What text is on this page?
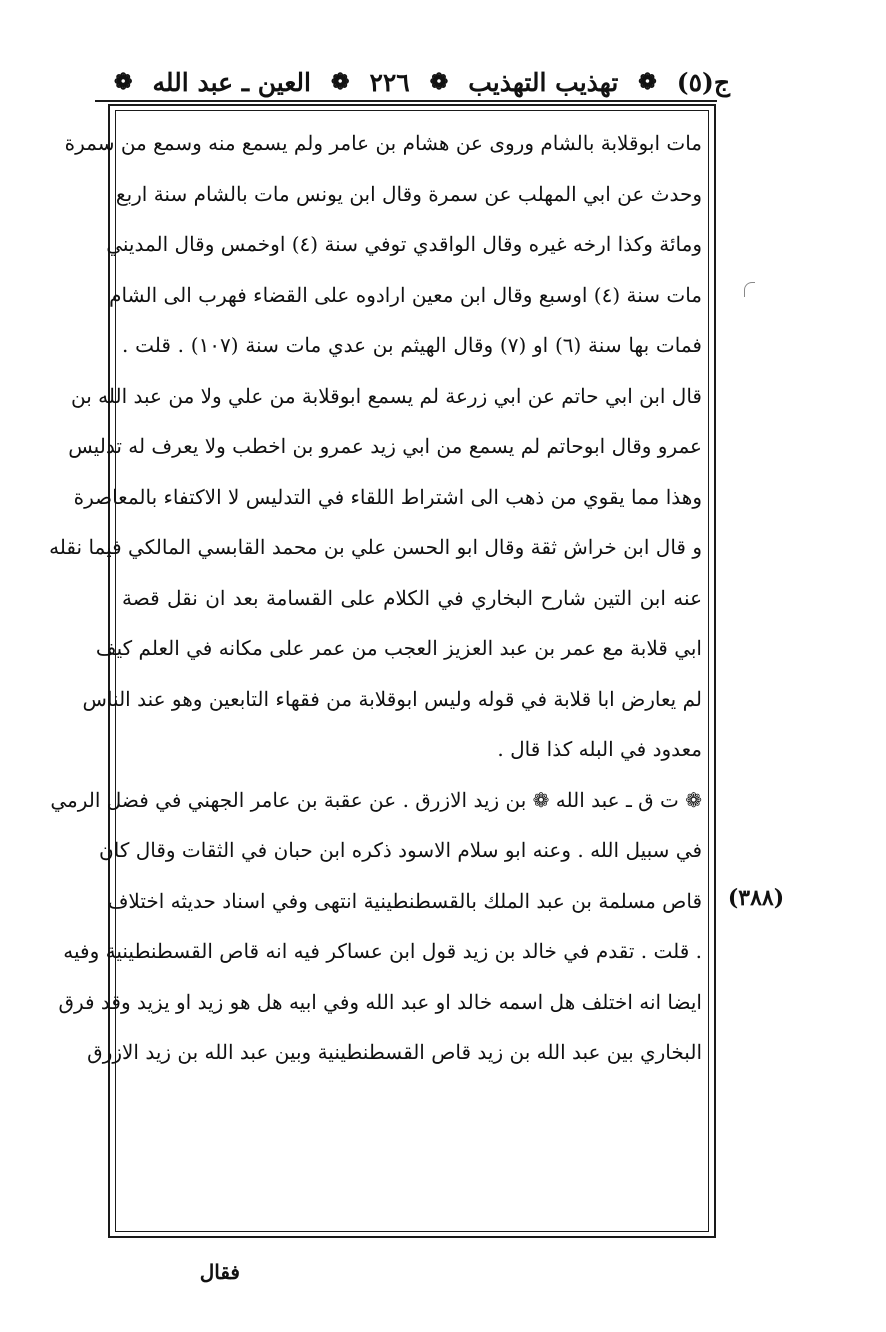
ج(٥)
❁
تهذيب التهذيب
❁
٢٢٦
❁
العين ـ عبد الله
❁
مات ابوقلابة بالشام وروى عن هشام بن عامر ولم يسمع منه وسمع من سمرة
وحدث عن ابي المهلب عن سمرة وقال ابن يونس مات بالشام سنة اربع
ومائة وكذا ارخه غيره وقال الواقدي توفي سنة (٤) اوخمس وقال المديني
مات سنة (٤) اوسبع وقال ابن معين ارادوه على القضاء فهرب الى الشام
فمات بها سنة (٦) او (٧) وقال الهيثم بن عدي مات سنة (١٠٧) . قلت .
قال ابن ابي حاتم عن ابي زرعة لم يسمع ابوقلابة من علي ولا من عبد الله بن
عمرو وقال ابوحاتم لم يسمع من ابي زيد عمرو بن اخطب ولا يعرف له تدليس
وهذا مما يقوي من ذهب الى اشتراط اللقاء في التدليس لا الاكتفاء بالمعاصرة
و قال ابن خراش ثقة وقال ابو الحسن علي بن محمد القابسي المالكي فيما نقله
عنه ابن التين شارح البخاري في الكلام على القسامة بعد ان نقل قصة
ابي قلابة مع عمر بن عبد العزيز العجب من عمر على مكانه في العلم كيف
لم يعارض ابا قلابة في قوله وليس ابوقلابة من فقهاء التابعين وهو عند الناس
معدود في البله كذا قال .
❁ ت ق ـ عبد الله ❁ بن زيد الازرق . عن عقبة بن عامر الجهني في فضل الرمي
في سبيل الله . وعنه ابو سلام الاسود ذكره ابن حبان في الثقات وقال كان
قاص مسلمة بن عبد الملك بالقسطنطينية انتهى وفي اسناد حديثه اختلاف
. قلت . تقدم في خالد بن زيد قول ابن عساكر فيه انه قاص القسطنطينية وفيه
ايضا انه اختلف هل اسمه خالد او عبد الله وفي ابيه هل هو زيد او يزيد وقد فرق
البخاري بين عبد الله بن زيد قاص القسطنطينية وبين عبد الله بن زيد الازرق
(٣٨٨)
فقال
